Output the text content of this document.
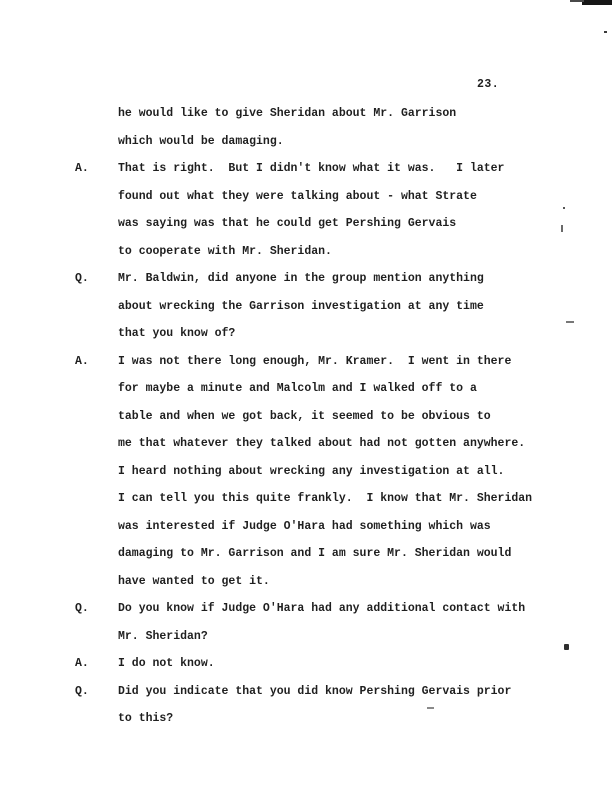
23.
he would like to give Sheridan about Mr. Garrison
which would be damaging.
A.	That is right.  But I didn't know what it was.   I later
found out what they were talking about - what Strate
was saying was that he could get Pershing Gervais
to cooperate with Mr. Sheridan.
Q.	Mr. Baldwin, did anyone in the group mention anything
about wrecking the Garrison investigation at any time
that you know of?
A.	I was not there long enough, Mr. Kramer.  I went in there
for maybe a minute and Malcolm and I walked off to a
table and when we got back, it seemed to be obvious to
me that whatever they talked about had not gotten anywhere.
I heard nothing about wrecking any investigation at all.
I can tell you this quite frankly.  I know that Mr. Sheridan
was interested if Judge O'Hara had something which was
damaging to Mr. Garrison and I am sure Mr. Sheridan would
have wanted to get it.
Q.	Do you know if Judge O'Hara had any additional contact with
Mr. Sheridan?
A.	I do not know.
Q.	Did you indicate that you did know Pershing Gervais prior
to this?
